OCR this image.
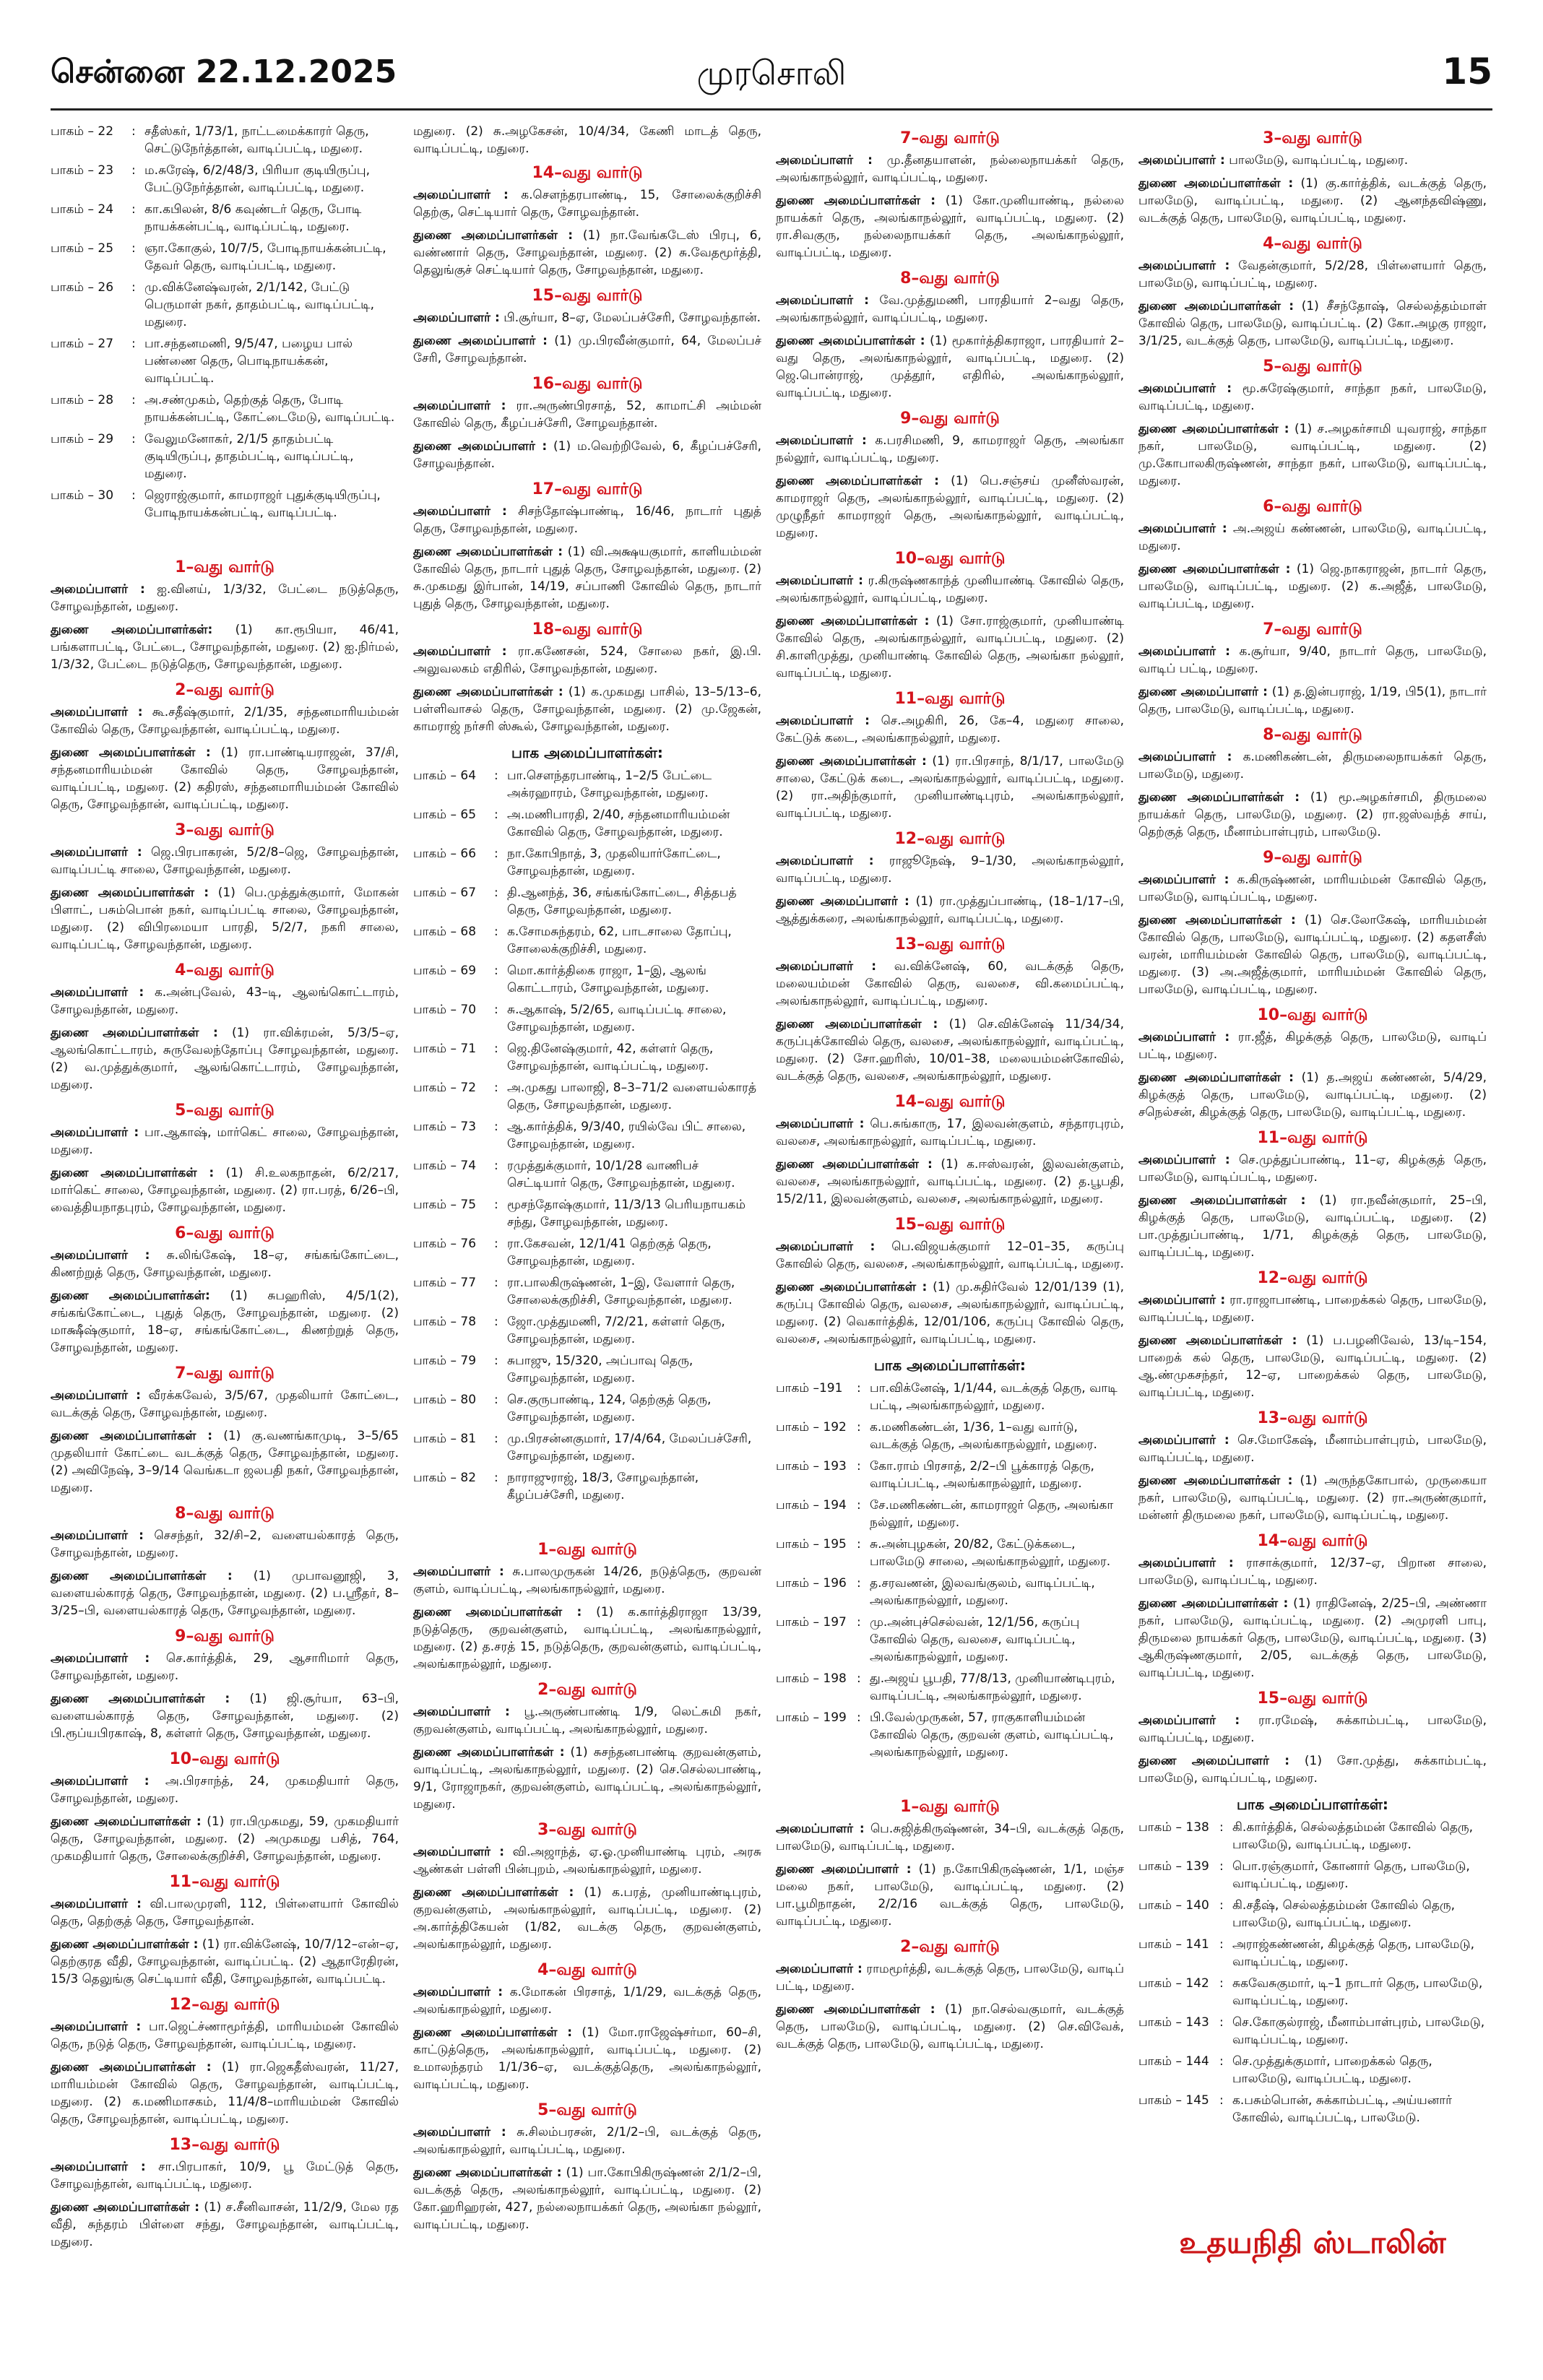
சென்னை 22.12.2025	முரசொலி	15
பாகம் – 22	: சதீஸ்கர், 1/73/1, நாட்டமைக்காரர் தெரு, செட்டுநேர்த்தான், வாடிப்பட்டி, மதுரை.
பாகம் – 23	: ம.சுரேஷ், 6/2/48/3, பிரியா குடியிருப்பு, பேட்டுநேர்த்தான், வாடிப்பட்டி, மதுரை.
பாகம் – 24	: கா.கபிலன், 8/6 கவுண்டர் தெரு, போடி நாயக்கன்பட்டி, வாடிப்பட்டி, மதுரை.
பாகம் – 25	: ஞா.கோகுல், 10/7/5, போடிநாயக்கன்பட்டி, தேவர் தெரு, வாடிப்பட்டி, மதுரை.
பாகம் – 26	: மு.விக்னேஷ்வரன், 2/1/142, பேட்டு பெருமாள் நகர், தாதம்பட்டி, வாடிப்பட்டி, மதுரை.
பாகம் – 27	: பா.சந்தனமணி, 9/5/47, பழைய பால் பண்ணை தெரு, பொடிநாயக்கன், வாடிப்பட்டி.
பாகம் – 28	: அ.சண்முகம், தெற்குத் தெரு, போடி நாயக்கன்பட்டி, கோட்டைமேடு, வாடிப்பட்டி.
பாகம் – 29	: வேலுமனோகர், 2/1/5 தாதம்பட்டி குடியிருப்பு, தாதம்பட்டி, வாடிப்பட்டி, மதுரை.
பாகம் – 30	: ஜெராஜ்குமார், காமராஜர் புதுக்குடியிருப்பு, போடிநாயக்கன்பட்டி, வாடிப்பட்டி.
1–வது வார்டு
அமைப்பாளர் : ஐ.வினய், 1/3/32, பேட்டை நடுத்தெரு, சோழவந்தான், மதுரை.
துணை அமைப்பாளர்கள்: (1) கா.ரூபியா, 46/41, பங்களாபட்டி, பேட்டை, சோழவந்தான், மதுரை. (2) ஐ.நிர்மல், 1/3/32, பேட்டை நடுத்தெரு, சோழவந்தான், மதுரை.
2–வது வார்டு
அமைப்பாளர் : கூ.சதீஷ்குமார், 2/1/35, சந்தனமாரியம்மன் கோவில் தெரு, சோழவந்தான், வாடிப்பட்டி, மதுரை.
துணை அமைப்பாளர்கள் : (1) ரா.பாண்டியராஜன், 37/சி, சந்தனமாரியம்மன் கோவில் தெரு, சோழவந்தான், வாடிப்பட்டி, மதுரை. (2) கதிரஸ், சந்தனமாரியம்மன் கோவில் தெரு, சோழவந்தான், வாடிப்பட்டி, மதுரை.
3–வது வார்டு
அமைப்பாளர் : ஜெ.பிரபாகரன், 5/2/8–ஜெ, சோழவந்தான், வாடிப்பட்டி சாலை, சோழவந்தான், மதுரை.
துணை அமைப்பாளர்கள் : (1) பெ.முத்துக்குமார், மோகன் பிளாட், பசும்பொன் நகர், வாடிப்பட்டி சாலை, சோழவந்தான், மதுரை. (2) விபிரமையா பாரதி, 5/2/7, நகரி சாலை, வாடிப்பட்டி, சோழவந்தான், மதுரை.
4–வது வார்டு
அமைப்பாளர் : க.அன்புவேல், 43–டி, ஆலங்கொட்டாரம், சோழவந்தான், மதுரை.
துணை அமைப்பாளர்கள் : (1) ரா.விக்ரமன், 5/3/5–ஏ, ஆலங்கொட்டாரம், சுருவேலந்தோப்பு சோழவந்தான், மதுரை. (2) வ.முத்துக்குமார், ஆலங்கொட்டாரம், சோழவந்தான், மதுரை.
5–வது வார்டு
அமைப்பாளர் : பா.ஆகாஷ், மார்கெட் சாலை, சோழவந்தான், மதுரை.
துணை அமைப்பாளர்கள் : (1) சி.உலகநாதன், 6/2/217, மார்கெட் சாலை, சோழவந்தான், மதுரை. (2) ரா.பரத், 6/26–பி, வைத்தியநாதபுரம், சோழவந்தான், மதுரை.
6–வது வார்டு
அமைப்பாளர் : சு.லிங்கேஷ், 18–ஏ, சங்கங்கோட்டை, கிணற்றுத் தெரு, சோழவந்தான், மதுரை.
துணை அமைப்பாளர்கள்: (1) சுபஹரிஸ், 4/5/1(2), சங்கங்கோட்டை, புதுத் தெரு, சோழவந்தான், மதுரை. (2) மாக்ஷீஷ்குமார், 18–ஏ, சங்கங்கோட்டை, கிணற்றுத் தெரு, சோழவந்தான், மதுரை.
7–வது வார்டு
அமைப்பாளர் : வீரக்கவேல், 3/5/67, முதலியார் கோட்டை, வடக்குத் தெரு, சோழவந்தான், மதுரை.
துணை அமைப்பாளர்கள் : (1) கு.வணங்காமுடி, 3–5/65 முதலியார் கோட்டை வடக்குத் தெரு, சோழவந்தான், மதுரை. (2) அவிநேஷ், 3–9/14 வெங்கடா ஜலபதி நகர், சோழவந்தான், மதுரை.
8–வது வார்டு
அமைப்பாளர் : செசந்தர், 32/சி–2, வளையல்காரத் தெரு, சோழவந்தான், மதுரை.
துணை அமைப்பாளர்கள் : (1) முபாவனூஜி, 3, வளையல்காரத் தெரு, சோழவந்தான், மதுரை. (2) ப.ஸ்ரீதர், 8–3/25–பி, வளையல்காரத் தெரு, சோழவந்தான், மதுரை.
9–வது வார்டு
அமைப்பாளர் : செ.கார்த்திக், 29, ஆசாரிமார் தெரு, சோழவந்தான், மதுரை.
துணை அமைப்பாளர்கள் : (1) ஜி.சூர்யா, 63–பி, வளையல்காரத் தெரு, சோழவந்தான், மதுரை. (2) பி.ரூப்யபிரகாஷ், 8, கள்ளர் தெரு, சோழவந்தான், மதுரை.
10–வது வார்டு
அமைப்பாளர் : அ.பிரசாந்த், 24, முகமதியார் தெரு, சோழவந்தான், மதுரை.
துணை அமைப்பாளர்கள் : (1) ரா.பிமுகமது, 59, முகமதியார் தெரு, சோழவந்தான், மதுரை. (2) அமுகமது பசித், 764, முகமதியார் தெரு, சோலைக்குறிச்சி, சோழவந்தான், மதுரை.
11–வது வார்டு
அமைப்பாளர் : வி.பாலமுரளி, 112, பிள்ளையார் கோவில் தெரு, தெற்குத் தெரு, சோழவந்தான்.
துணை அமைப்பாளர்கள் : (1) ரா.விக்னேஷ், 10/7/12–என்–ஏ, தெற்குரத வீதி, சோழவந்தான், வாடிப்பட்டி. (2) ஆதாரேதிரன், 15/3 தெலுங்கு செட்டியார் வீதி, சோழவந்தான், வாடிப்பட்டி.
12–வது வார்டு
அமைப்பாளர் : பா.ஜெட்ச்ணாமூர்த்தி, மாரியம்மன் கோவில் தெரு, நடுத் தெரு, சோழவந்தான், வாடிப்பட்டி, மதுரை.
துணை அமைப்பாளர்கள் : (1) ரா.ஜெகதீஸ்வரன், 11/27, மாரியம்மன் கோவில் தெரு, சோழவந்தான், வாடிப்பட்டி, மதுரை. (2) க.மணிமாசகம், 11/4/8–மாரியம்மன் கோவில் தெரு, சோழவந்தான், வாடிப்பட்டி, மதுரை.
13–வது வார்டு
அமைப்பாளர் : சா.பிரபாகர், 10/9, பூ மேட்டுத் தெரு, சோழவந்தான், வாடிப்பட்டி, மதுரை.
துணை அமைப்பாளர்கள் : (1) ச.சீனிவாசன், 11/2/9, மேல ரத வீதி, சுந்தரம் பிள்ளை சந்து, சோழவந்தான், வாடிப்பட்டி, மதுரை.
மதுரை. (2) சு.அழகேசன், 10/4/34, கேணி மாடத் தெரு, வாடிப்பட்டி, மதுரை.
14–வது வார்டு
அமைப்பாளர் : க.செளந்தரபாண்டி, 15, சோலைக்குறிச்சி தெற்கு, செட்டியார் தெரு, சோழவந்தான்.
துணை அமைப்பாளர்கள் : (1) நா.வேங்கடேஸ் பிரபு, 6, வண்ணார் தெரு, சோழவந்தான், மதுரை. (2) சு.வேதமூர்த்தி, தெலுங்குச் செட்டியார் தெரு, சோழவந்தான், மதுரை.
15–வது வார்டு
அமைப்பாளர் : பி.சூர்யா, 8–ஏ, மேலப்பச்சேரி, சோழவந்தான்.
துணை அமைப்பாளர் : (1) மு.பிரவீன்குமார், 64, மேலப்பச் சேரி, சோழவந்தான்.
16–வது வார்டு
அமைப்பாளர் : ரா.அருண்பிரசாத், 52, காமாட்சி அம்மன் கோவில் தெரு, கீழப்பச்சேரி, சோழவந்தான்.
துணை அமைப்பாளர் : (1) ம.வெற்றிவேல், 6, கீழப்பச்சேரி, சோழவந்தான்.
17–வது வார்டு
அமைப்பாளர் : சிசந்தோஷ்பாண்டி, 16/46, நாடார் புதுத் தெரு, சோழவந்தான், மதுரை.
துணை அமைப்பாளர்கள் : (1) வி.அக்ஷயகுமார், காளியம்மன் கோவில் தெரு, நாடார் புதுத் தெரு, சோழவந்தான், மதுரை. (2) சு.முகமது இர்பான், 14/19, சப்பாணி கோவில் தெரு, நாடார் புதுத் தெரு, சோழவந்தான், மதுரை.
18–வது வார்டு
அமைப்பாளர் : ரா.கணேசன், 524, சோலை நகர், இ.பி. அலுவலகம் எதிரில், சோழவந்தான், மதுரை.
துணை அமைப்பாளர்கள் : (1) க.முகமது பாசில், 13–5/13–6, பள்ளிவாசல் தெரு, சோழவந்தான், மதுரை. (2) மு.ஜேகன், காமராஜ் நர்சரி ஸ்கூல், சோழவந்தான், மதுரை.
பாக அமைப்பாளர்கள்:
பாகம் – 64	: பா.செளந்தரபாண்டி, 1–2/5 பேட்டை அக்ரஹாரம், சோழவந்தான், மதுரை.
பாகம் – 65	: அ.மணிபாரதி, 2/40, சந்தனமாரியம்மன் கோவில் தெரு, சோழவந்தான், மதுரை.
பாகம் – 66	: நா.கோபிநாத், 3, முதலியார்கோட்டை, சோழவந்தான், மதுரை.
பாகம் – 67	: தி.ஆனந்த், 36, சங்கங்கோட்டை, சித்தபத் தெரு, சோழவந்தான், மதுரை.
பாகம் – 68	: க.சோமசுந்தரம், 62, பாடசாலை தோப்பு, சோலைக்குறிச்சி, மதுரை.
பாகம் – 69	: மொ.கார்த்திகை ராஜா, 1–இ, ஆலங் கொட்டாரம், சோழவந்தான், மதுரை.
பாகம் – 70	: சு.ஆகாஷ், 5/2/65, வாடிப்பட்டி சாலை, சோழவந்தான், மதுரை.
பாகம் – 71	: ஜெ.தினேஷ்குமார், 42, கள்ளர் தெரு, சோழவந்தான், வாடிப்பட்டி, மதுரை.
பாகம் – 72	: அ.முகது பாலாஜி, 8–3–71/2 வளையல்காரத் தெரு, சோழவந்தான், மதுரை.
பாகம் – 73	: ஆ.கார்த்திக், 9/3/40, ரயில்வே பிட் சாலை, சோழவந்தான், மதுரை.
பாகம் – 74	: ரமுத்துக்குமார், 10/1/28 வாணிபச் செட்டியார் தெரு, சோழவந்தான், மதுரை.
பாகம் – 75	: மூசந்தோஷ்குமார், 11/3/13 பெரியநாயகம் சந்து, சோழவந்தான், மதுரை.
பாகம் – 76	: ரா.கேசவன், 12/1/41 தெற்குத் தெரு, சோழவந்தான், மதுரை.
பாகம் – 77	: ரா.பாலகிருஷ்ணன், 1–இ, வேளார் தெரு, சோலைக்குறிச்சி, சோழவந்தான், மதுரை.
பாகம் – 78	: ஜோ.முத்துமணி, 7/2/21, கள்ளர் தெரு, சோழவந்தான், மதுரை.
பாகம் – 79	: சுபாஜு, 15/320, அப்பாவு தெரு, சோழவந்தான், மதுரை.
பாகம் – 80	: செ.குருபாண்டி, 124, தெற்குத் தெரு, சோழவந்தான், மதுரை.
பாகம் – 81	: மு.பிரசன்னகுமார், 17/4/64, மேலப்பச்சேரி, சோழவந்தான், மதுரை.
பாகம் – 82	: நாராஜுராஜ், 18/3, சோழவந்தான், கீழப்பச்சேரி, மதுரை.
1–வது வார்டு
அமைப்பாளர் : சு.பாலமுருகன் 14/26, நடுத்தெரு, குறவன் குளம், வாடிப்பட்டி, அலங்காநல்லூர், மதுரை.
துணை அமைப்பாளர்கள் : (1) க.கார்த்திராஜா 13/39, நடுத்தெரு, குறவன்குளம், வாடிப்பட்டி, அலங்காநல்லூர், மதுரை. (2) த.சரத் 15, நடுத்தெரு, குறவன்குளம், வாடிப்பட்டி, அலங்காநல்லூர், மதுரை.
2–வது வார்டு
அமைப்பாளர் : பூ.அருண்பாண்டி 1/9, லெட்சுமி நகர், குறவன்குளம், வாடிப்பட்டி, அலங்காநல்லூர், மதுரை.
துணை அமைப்பாளர்கள் : (1) சுசந்தனபாண்டி குறவன்குளம், வாடிப்பட்டி, அலங்காநல்லூர், மதுரை. (2) செ.செல்லபாண்டி, 9/1, ரோஜாநகர், குறவன்குளம், வாடிப்பட்டி, அலங்காநல்லூர், மதுரை.
3–வது வார்டு
அமைப்பாளர் : வி.அஜாந்த், ஏ.ஓ.முனியாண்டி புரம், அரசு ஆண்கள் பள்ளி பின்புறம், அலங்காநல்லூர், மதுரை.
துணை அமைப்பாளர்கள் : (1) க.பரத், முனியாண்டிபுரம், குறவன்குளம், அலங்காநல்லூர், வாடிப்பட்டி, மதுரை. (2) அ.கார்த்திகேயன் (1/82, வடக்கு தெரு, குறவன்குளம், அலங்காநல்லூர், மதுரை.
4–வது வார்டு
அமைப்பாளர் : க.மோகன் பிரசாத், 1/1/29, வடக்குத் தெரு, அலங்காநல்லூர், மதுரை.
துணை அமைப்பாளர்கள் : (1) மோ.ராஜேஷ்சர்மா, 60–சி, காட்டுத்தெரு, அலங்காநல்லூர், வாடிப்பட்டி, மதுரை. (2) உமாலந்தரம் 1/1/36–ஏ, வடக்குத்தெரு, அலங்காநல்லூர், வாடிப்பட்டி, மதுரை.
5–வது வார்டு
அமைப்பாளர் : சு.சிலம்பரசன், 2/1/2–பி, வடக்குத் தெரு, அலங்காநல்லூர், வாடிப்பட்டி, மதுரை.
துணை அமைப்பாளர்கள் : (1) பா.கோபிகிருஷ்ணன் 2/1/2–பி, வடக்குத் தெரு, அலங்காநல்லூர், வாடிப்பட்டி, மதுரை. (2) கோ.ஹரிஹரன், 427, நல்லைநாயக்கர் தெரு, அலங்கா நல்லூர், வாடிப்பட்டி, மதுரை.
7–வது வார்டு
அமைப்பாளர் : மு.தீனதயாளன், நல்லைநாயக்கர் தெரு, அலங்காநல்லூர், வாடிப்பட்டி, மதுரை.
துணை அமைப்பாளர்கள் : (1) கோ.முனியாண்டி, நல்லை நாயக்கர் தெரு, அலங்காநல்லூர், வாடிப்பட்டி, மதுரை. (2) ரா.சிவகுரு, நல்லைநாயக்கர் தெரு, அலங்காநல்லூர், வாடிப்பட்டி, மதுரை.
8–வது வார்டு
அமைப்பாளர் : வே.முத்துமணி, பாரதியார் 2–வது தெரு, அலங்காநல்லூர், வாடிப்பட்டி, மதுரை.
துணை அமைப்பாளர்கள் : (1) மூகார்த்திகராஜா, பாரதியார் 2–வது தெரு, அலங்காநல்லூர், வாடிப்பட்டி, மதுரை. (2) ஜெ.பொன்ராஜ், முத்தூர், எதிரில், அலங்காநல்லூர், வாடிப்பட்டி, மதுரை.
9–வது வார்டு
அமைப்பாளர் : க.பரசிமணி, 9, காமராஜர் தெரு, அலங்கா நல்லூர், வாடிப்பட்டி, மதுரை.
துணை அமைப்பாளர்கள் : (1) பெ.சஞ்சய் முனீஸ்வரன், காமராஜர் தெரு, அலங்காநல்லூர், வாடிப்பட்டி, மதுரை. (2) முழுநீதர் காமராஜர் தெரு, அலங்காநல்லூர், வாடிப்பட்டி, மதுரை.
10–வது வார்டு
அமைப்பாளர் : ர.கிருஷ்ணகாந்த் முனியாண்டி கோவில் தெரு, அலங்காநல்லூர், வாடிப்பட்டி, மதுரை.
துணை அமைப்பாளர்கள் : (1) சோ.ராஜ்குமார், முனியாண்டி கோவில் தெரு, அலங்காநல்லூர், வாடிப்பட்டி, மதுரை. (2) சி.காளிமுத்து, முனியாண்டி கோவில் தெரு, அலங்கா நல்லூர், வாடிப்பட்டி, மதுரை.
11–வது வார்டு
அமைப்பாளர் : செ.அழகிரி, 26, கே–4, மதுரை சாலை, கேட்டுக் கடை, அலங்காநல்லூர், மதுரை.
துணை அமைப்பாளர்கள் : (1) ரா.பிரசாந், 8/1/17, பாலமேடு சாலை, கேட்டுக் கடை, அலங்காநல்லூர், வாடிப்பட்டி, மதுரை. (2) ரா.அதிந்குமார், முனியாண்டிபுரம், அலங்காநல்லூர், வாடிப்பட்டி, மதுரை.
12–வது வார்டு
அமைப்பாளர் : ராஜூநேஷ், 9–1/30, அலங்காநல்லூர், வாடிப்பட்டி, மதுரை.
துணை அமைப்பாளர் : (1) ரா.முத்துப்பாண்டி, (18–1/17–பி, ஆத்துக்கரை, அலங்காநல்லூர், வாடிப்பட்டி, மதுரை.
13–வது வார்டு
அமைப்பாளர் : வ.விக்னேஷ், 60, வடக்குத் தெரு, மலையம்மன் கோவில் தெரு, வலசை, வி.கமைப்பட்டி, அலங்காநல்லூர், வாடிப்பட்டி, மதுரை.
துணை அமைப்பாளர்கள் : (1) செ.விக்னேஷ் 11/34/34, கருப்புக்கோவில் தெரு, வலசை, அலங்காநல்லூர், வாடிப்பட்டி, மதுரை. (2) சோ.ஹரிஸ், 10/01–38, மலையம்மன்கோவில், வடக்குத் தெரு, வலசை, அலங்காநல்லூர், மதுரை.
14–வது வார்டு
அமைப்பாளர் : பெ.சுங்காரு, 17, இலவன்குளம், சந்தாரபுரம், வலசை, அலங்காநல்லூர், வாடிப்பட்டி, மதுரை.
துணை அமைப்பாளர்கள் : (1) க.ஈஸ்வரன், இலவன்குளம், வலசை, அலங்காநல்லூர், வாடிப்பட்டி, மதுரை. (2) த.பூபதி, 15/2/11, இலவன்குளம், வலசை, அலங்காநல்லூர், மதுரை.
15–வது வார்டு
அமைப்பாளர் : பெ.விஜயக்குமார் 12–01–35, கருப்பு கோவில் தெரு, வலசை, அலங்காநல்லூர், வாடிப்பட்டி, மதுரை.
துணை அமைப்பாளர்கள் : (1) மு.சுதிர்வேல் 12/01/139 (1), கருப்பு கோவில் தெரு, வலசை, அலங்காநல்லூர், வாடிப்பட்டி, மதுரை. (2) வெகார்த்திக், 12/01/106, கருப்பு கோவில் தெரு, வலசை, அலங்காநல்லூர், வாடிப்பட்டி, மதுரை.
பாக அமைப்பாளர்கள்:
பாகம் –191	: பா.விக்னேஷ், 1/1/44, வடக்குத் தெரு, வாடி பட்டி, அலங்காநல்லூர், மதுரை.
பாகம் – 192 : க.மணிகண்டன், 1/36, 1–வது வார்டு, வடக்குத் தெரு, அலங்காநல்லூர், மதுரை.
பாகம் – 193 : கோ.ராம் பிரசாத், 2/2–பி பூக்காரத் தெரு, வாடிப்பட்டி, அலங்காநல்லூர், மதுரை.
பாகம் – 194 : சே.மணிகண்டன், காமராஜர் தெரு, அலங்கா நல்லூர், மதுரை.
பாகம் – 195 : சு.அன்புழகன், 20/82, கேட்டுக்கடை, பாலமேடு சாலை, அலங்காநல்லூர், மதுரை.
பாகம் – 196 : த.சரவணன், இலவங்குலம், வாடிப்பட்டி, அலங்காநல்லூர், மதுரை.
பாகம் – 197 : மு.அன்புச்செல்வன், 12/1/56, கருப்பு கோவில் தெரு, வலசை, வாடிப்பட்டி, அலங்காநல்லூர், மதுரை.
பாகம் – 198 : து.அஜய் பூபதி, 77/8/13, முனியாண்டிபுரம், வாடிப்பட்டி, அலங்காநல்லூர், மதுரை.
பாகம் – 199 : பி.வேல்முருகன், 57, ராகுகாளியம்மன் கோவில் தெரு, குறவன் குளம், வாடிப்பட்டி, அலங்காநல்லூர், மதுரை.
1–வது வார்டு
அமைப்பாளர் : பெ.சுஜித்கிருஷ்ணன், 34–பி, வடக்குத் தெரு, பாலமேடு, வாடிப்பட்டி, மதுரை.
துணை அமைப்பாளர் : (1) ந.கோபிகிருஷ்ணன், 1/1, மஞ்ச மலை நகர், பாலமேடு, வாடிப்பட்டி, மதுரை. (2) பா.பூமிநாதன், 2/2/16 வடக்குத் தெரு, பாலமேடு, வாடிப்பட்டி, மதுரை.
2–வது வார்டு
அமைப்பாளர் : ராமமூர்த்தி, வடக்குத் தெரு, பாலமேடு, வாடிப் பட்டி, மதுரை.
துணை அமைப்பாளர்கள் : (1) நா.செல்வகுமார், வடக்குத் தெரு, பாலமேடு, வாடிப்பட்டி, மதுரை. (2) செ.விவேக், வடக்குத் தெரு, பாலமேடு, வாடிப்பட்டி, மதுரை.
3–வது வார்டு
அமைப்பாளர் : பாலமேடு, வாடிப்பட்டி, மதுரை.
துணை அமைப்பாளர்கள் : (1) கு.கார்த்திக், வடக்குத் தெரு, பாலமேடு, வாடிப்பட்டி, மதுரை. (2) ஆனந்தவிஷ்ணு, வடக்குத் தெரு, பாலமேடு, வாடிப்பட்டி, மதுரை.
4–வது வார்டு
அமைப்பாளர் : வேதன்குமார், 5/2/28, பிள்ளையார் தெரு, பாலமேடு, வாடிப்பட்டி, மதுரை.
துணை அமைப்பாளர்கள் : (1) சீசந்தோஷ், செல்லத்தம்மாள் கோவில் தெரு, பாலமேடு, வாடிப்பட்டி. (2) கோ.அழகு ராஜா, 3/1/25, வடக்குத் தெரு, பாலமேடு, வாடிப்பட்டி, மதுரை.
5–வது வார்டு
அமைப்பாளர் : மூ.சுரேஷ்குமார், சாந்தா நகர், பாலமேடு, வாடிப்பட்டி, மதுரை.
துணை அமைப்பாளர்கள் : (1) ச.அழகர்சாமி யுவராஜ், சாந்தா நகர், பாலமேடு, வாடிப்பட்டி, மதுரை. (2) மு.கோபாலகிருஷ்ணன், சாந்தா நகர், பாலமேடு, வாடிப்பட்டி, மதுரை.
6–வது வார்டு
அமைப்பாளர் : அ.அஜய் கண்ணன், பாலமேடு, வாடிப்பட்டி, மதுரை.
துணை அமைப்பாளர்கள் : (1) ஜெ.நாகராஜன், நாடார் தெரு, பாலமேடு, வாடிப்பட்டி, மதுரை. (2) க.அஜீத், பாலமேடு, வாடிப்பட்டி, மதுரை.
7–வது வார்டு
அமைப்பாளர் : க.சூர்யா, 9/40, நாடார் தெரு, பாலமேடு, வாடிப் பட்டி, மதுரை.
துணை அமைப்பாளர் : (1) த.இன்பராஜ், 1/19, பி5(1), நாடார் தெரு, பாலமேடு, வாடிப்பட்டி, மதுரை.
8–வது வார்டு
அமைப்பாளர் : க.மணிகண்டன், திருமலைநாயக்கர் தெரு, பாலமேடு, மதுரை.
துணை அமைப்பாளர்கள் : (1) மூ.அழகர்சாமி, திருமலை நாயக்கர் தெரு, பாலமேடு, மதுரை. (2) ரா.ஜஸ்வந்த் சாய், தெற்குத் தெரு, மீனாம்பாள்புரம், பாலமேடு.
9–வது வார்டு
அமைப்பாளர் : க.கிருஷ்ணன், மாரியம்மன் கோவில் தெரு, பாலமேடு, வாடிப்பட்டி, மதுரை.
துணை அமைப்பாளர்கள் : (1) செ.லோகேஷ், மாரியம்மன் கோவில் தெரு, பாலமேடு, வாடிப்பட்டி, மதுரை. (2) கதளசீஸ் வரன், மாரியம்மன் கோவில் தெரு, பாலமேடு, வாடிப்பட்டி, மதுரை. (3) அ.அஜீத்குமார், மாரியம்மன் கோவில் தெரு, பாலமேடு, வாடிப்பட்டி, மதுரை.
10–வது வார்டு
அமைப்பாளர் : ரா.ஜீத், கிழக்குத் தெரு, பாலமேடு, வாடிப் பட்டி, மதுரை.
துணை அமைப்பாளர்கள் : (1) த.அஜய் கண்ணன், 5/4/29, கிழக்குத் தெரு, பாலமேடு, வாடிப்பட்டி, மதுரை. (2) சநெல்சன், கிழக்குத் தெரு, பாலமேடு, வாடிப்பட்டி, மதுரை.
11–வது வார்டு
அமைப்பாளர் : செ.முத்துப்பாண்டி, 11–ஏ, கிழக்குத் தெரு, பாலமேடு, வாடிப்பட்டி, மதுரை.
துணை அமைப்பாளர்கள் : (1) ரா.நவீன்குமார், 25–பி, கிழக்குத் தெரு, பாலமேடு, வாடிப்பட்டி, மதுரை. (2) பா.முத்துப்பாண்டி, 1/71, கிழக்குத் தெரு, பாலமேடு, வாடிப்பட்டி, மதுரை.
12–வது வார்டு
அமைப்பாளர் : ரா.ராஜாபாண்டி, பாறைக்கல் தெரு, பாலமேடு, வாடிப்பட்டி, மதுரை.
துணை அமைப்பாளர்கள் : (1) ப.பழனிவேல், 13/டி–154, பாறைக் கல் தெரு, பாலமேடு, வாடிப்பட்டி, மதுரை. (2) ஆ.ண்முகசந்தர், 12–ஏ, பாறைக்கல் தெரு, பாலமேடு, வாடிப்பட்டி, மதுரை.
13–வது வார்டு
அமைப்பாளர் : செ.மோகேஷ், மீனாம்பாள்புரம், பாலமேடு, வாடிப்பட்டி, மதுரை.
துணை அமைப்பாளர்கள் : (1) அருந்தகோபால், முருகையா நகர், பாலமேடு, வாடிப்பட்டி, மதுரை. (2) ரா.அருண்குமார், மன்னர் திருமலை நகர், பாலமேடு, வாடிப்பட்டி, மதுரை.
14–வது வார்டு
அமைப்பாளர் : ராசாக்குமார், 12/37–ஏ, பிறான சாலை, பாலமேடு, வாடிப்பட்டி, மதுரை.
துணை அமைப்பாளர்கள் : (1) ராதினேஷ், 2/25–பி, அண்ணா நகர், பாலமேடு, வாடிப்பட்டி, மதுரை. (2) அமுரளி பாபு, திருமலை நாயக்கர் தெரு, பாலமேடு, வாடிப்பட்டி, மதுரை. (3) ஆகிருஷ்ணகுமார், 2/05, வடக்குத் தெரு, பாலமேடு, வாடிப்பட்டி, மதுரை.
15–வது வார்டு
அமைப்பாளர் : ரா.ரமேஷ், சுக்காம்பட்டி, பாலமேடு, வாடிப்பட்டி, மதுரை.
துணை அமைப்பாளர் : (1) சோ.முத்து, சுக்காம்பட்டி, பாலமேடு, வாடிப்பட்டி, மதுரை.
பாக அமைப்பாளர்கள்:
பாகம் – 138 : கி.கார்த்திக், செல்லத்தம்மன் கோவில் தெரு, பாலமேடு, வாடிப்பட்டி, மதுரை.
பாகம் – 139 : பொ.ரஞ்குமார், கோனார் தெரு, பாலமேடு, வாடிப்பட்டி, மதுரை.
பாகம் – 140 : கி.சதீஷ், செல்லத்தம்மன் கோவில் தெரு, பாலமேடு, வாடிப்பட்டி, மதுரை.
பாகம் – 141 : அராஜ்கண்ணன், கிழக்குத் தெரு, பாலமேடு, வாடிப்பட்டி, மதுரை.
பாகம் – 142 : சுகவேசுகுமார், டி–1 நாடார் தெரு, பாலமேடு, வாடிப்பட்டி, மதுரை.
பாகம் – 143 : செ.கோகுல்ராஜ், மீனாம்பாள்புரம், பாலமேடு, வாடிப்பட்டி, மதுரை.
பாகம் – 144 : செ.முத்துக்குமார், பாறைக்கல் தெரு, பாலமேடு, வாடிப்பட்டி, மதுரை.
பாகம் – 145 : க.பசும்பொன், சுக்காம்பட்டி, அய்யனார் கோவில், வாடிப்பட்டி, பாலமேடு.
உதயநிதி ஸ்டாலின்
